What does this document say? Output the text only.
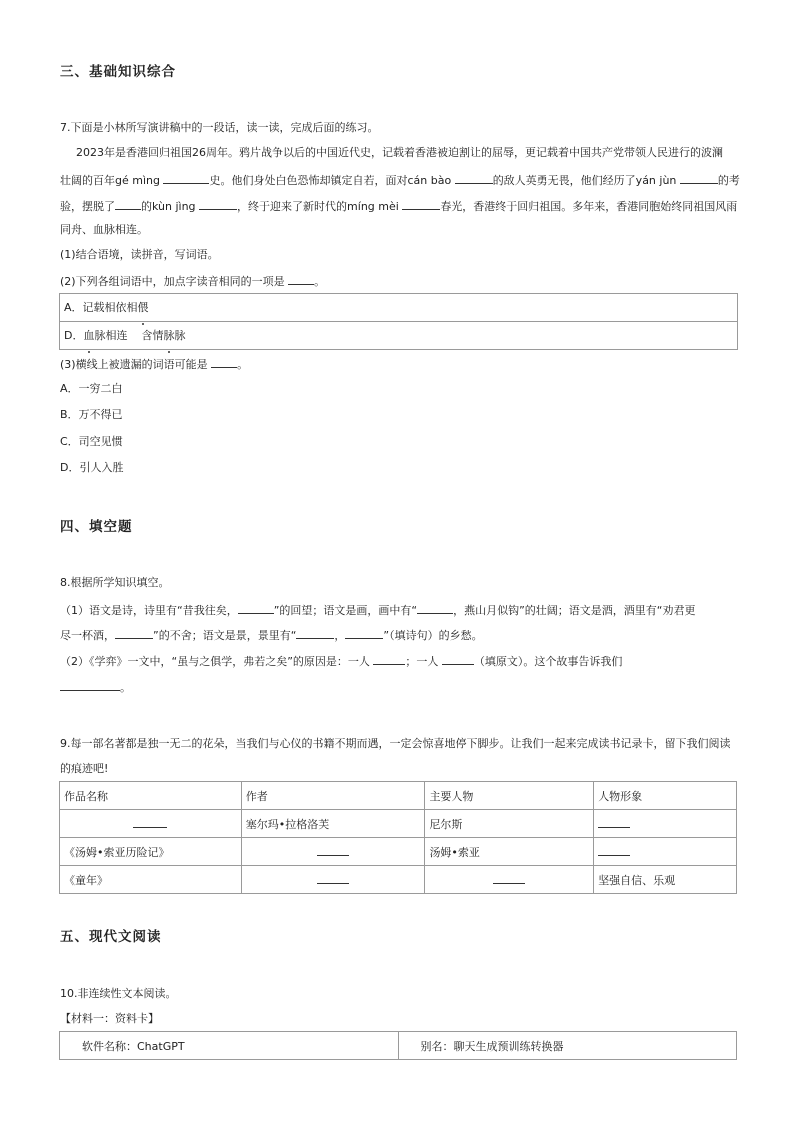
三、基础知识综合
7.下面是小林所写演讲稿中的一段话，读一读，完成后面的练习。
2023年是香港回归祖国26周年。鸦片战争以后的中国近代史，记载着香港被迫割让的屈辱，更记载着中国共产党带领人民进行的波澜
壮阔的百年gé mìng	史。他们身处白色恐怖却镇定自若，面对cán bào	的敌人英勇无畏，他们经历了yán jùn	的考
验，摆脱了 的kùn jìng	，终于迎来了新时代的míng mèi	春光，香港终于回归祖国。多年来，香港同胞始终同祖国风雨
同舟、血脉相连。
(1)结合语境，读拼音，写词语。
(2)下列各组词语中，加点字读音相同的一项是 。
A．记载相依相偎
D．血脉相连 含情脉脉
(3)横线上被遗漏的词语可能是 。
A．一穷二白
B．万不得已
C．司空见惯
D．引人入胜
四、填空题
8.根据所学知识填空。
（1）语文是诗，诗里有“昔我往矣，	”的回望；语文是画，画中有“	，燕山月似钩”的壮阔；语文是酒，酒里有“劝君更
尽一杯酒，	”的不舍；语文是景，景里有“	，	”（填诗句）的乡愁。
（2）《学弈》一文中，“虽与之俱学，弗若之矣”的原因是：一人	；一人	（填原文）。这个故事告诉我们
。
9.每一部名著都是独一无二的花朵，当我们与心仪的书籍不期而遇，一定会惊喜地停下脚步。让我们一起来完成读书记录卡，留下我们阅读
的痕迹吧!
作品名称	作者	主要人物	人物形象
	塞尔玛•拉格洛芙	尼尔斯	
《汤姆•索亚历险记》		汤姆•索亚	
《童年》			坚强自信、乐观
五、现代文阅读
10.非连续性文本阅读。
【材料一：资料卡】
软件名称：ChatGPT	别名：聊天生成预训练转换器
